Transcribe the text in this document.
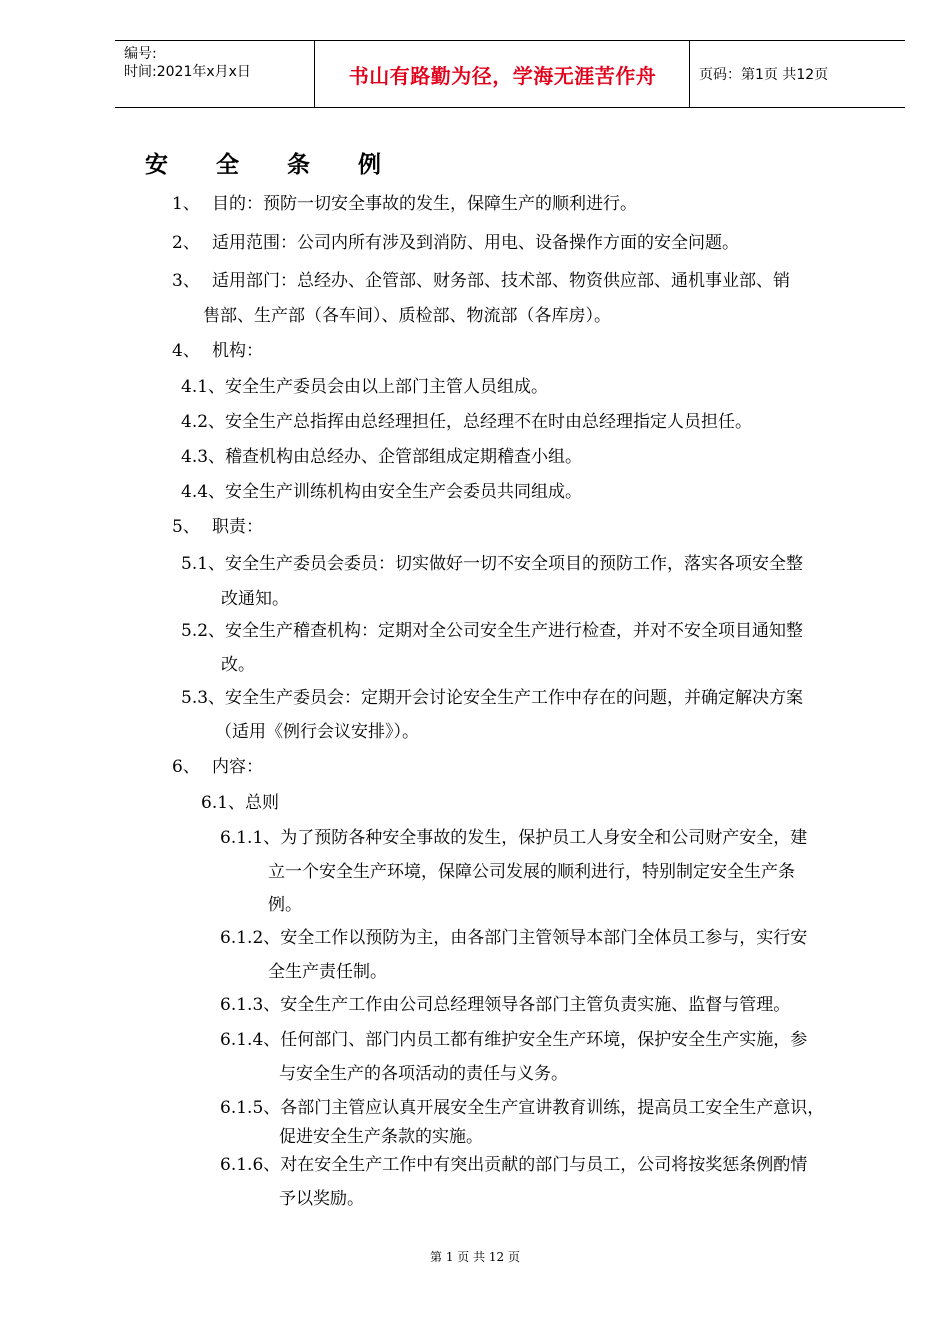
编号:
时间:2021年x月x日	书山有路勤为径，学海无涯苦作舟	页码：第1页 共12页
安 全 条 例
1、 目的：预防一切安全事故的发生，保障生产的顺利进行。
2、 适用范围：公司内所有涉及到消防、用电、设备操作方面的安全问题。
3、 适用部门：总经办、企管部、财务部、技术部、物资供应部、通机事业部、销
售部、生产部（各车间）、质检部、物流部（各库房）。
4、 机构：
4.1、安全生产委员会由以上部门主管人员组成。
4.2、安全生产总指挥由总经理担任，总经理不在时由总经理指定人员担任。
4.3、稽查机构由总经办、企管部组成定期稽查小组。
4.4、安全生产训练机构由安全生产会委员共同组成。
5、 职责：
5.1、安全生产委员会委员：切实做好一切不安全项目的预防工作，落实各项安全整
改通知。
5.2、安全生产稽查机构：定期对全公司安全生产进行检查，并对不安全项目通知整
改。
5.3、安全生产委员会：定期开会讨论安全生产工作中存在的问题，并确定解决方案
（适用《例行会议安排》）。
6、 内容：
6.1、总则
6.1.1、为了预防各种安全事故的发生，保护员工人身安全和公司财产安全，建
立一个安全生产环境，保障公司发展的顺利进行，特别制定安全生产条
例。
6.1.2、安全工作以预防为主，由各部门主管领导本部门全体员工参与，实行安
全生产责任制。
6.1.3、安全生产工作由公司总经理领导各部门主管负责实施、监督与管理。
6.1.4、任何部门、部门内员工都有维护安全生产环境，保护安全生产实施，参
与安全生产的各项活动的责任与义务。
6.1.5、各部门主管应认真开展安全生产宣讲教育训练，提高员工安全生产意识，
促进安全生产条款的实施。
6.1.6、对在安全生产工作中有突出贡献的部门与员工，公司将按奖惩条例酌情
予以奖励。
第 1 页 共 12 页
